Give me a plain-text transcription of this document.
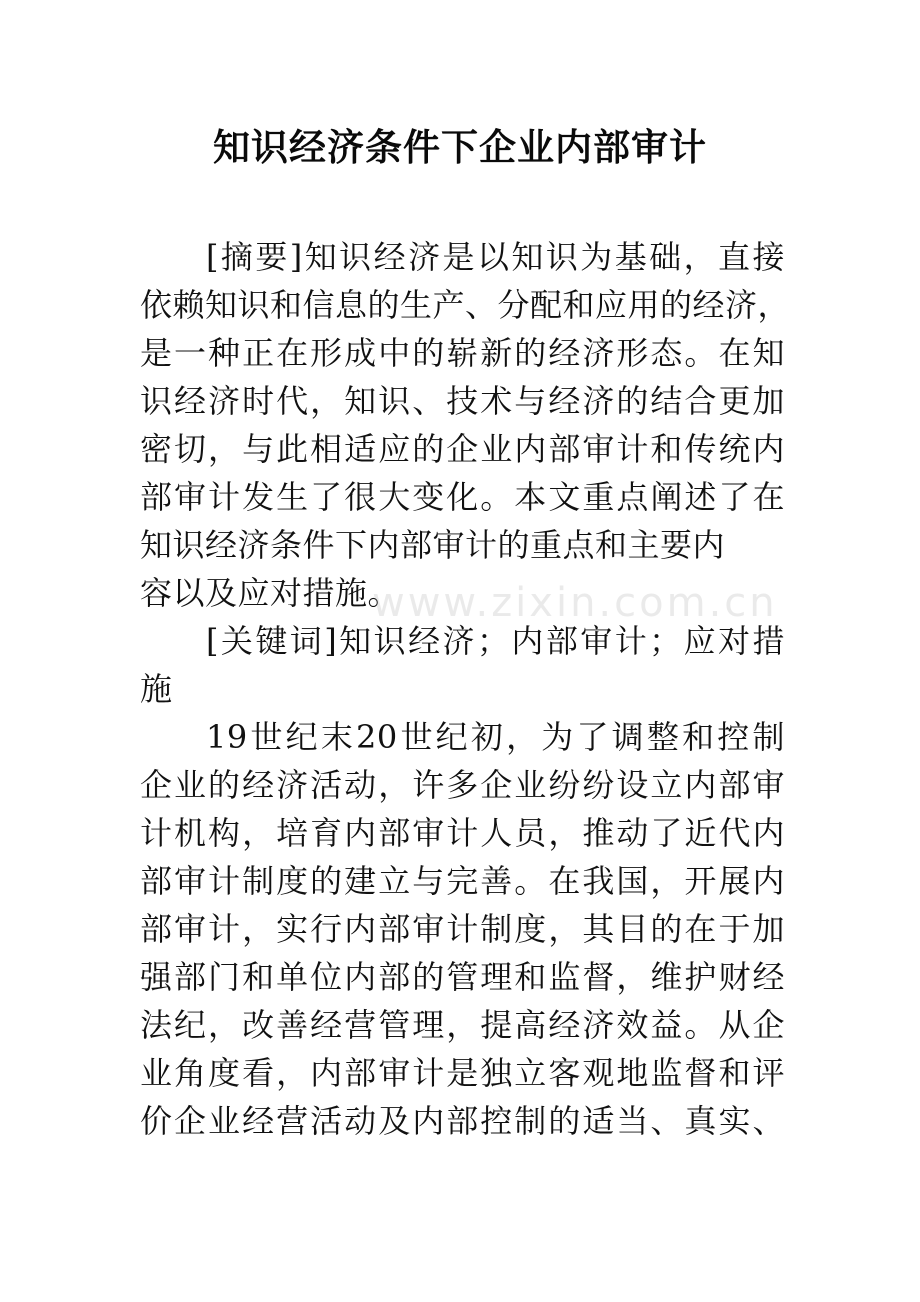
知识经济条件下企业内部审计
[摘要]知识经济是以知识为基础，直接
依赖知识和信息的生产、分配和应用的经济，
是一种正在形成中的崭新的经济形态。在知
识经济时代，知识、技术与经济的结合更加
密切，与此相适应的企业内部审计和传统内
部审计发生了很大变化。本文重点阐述了在
知识经济条件下内部审计的重点和主要内
容以及应对措施。
[关键词]知识经济；内部审计；应对措
施
19世纪末20世纪初，为了调整和控制
企业的经济活动，许多企业纷纷设立内部审
计机构，培育内部审计人员，推动了近代内
部审计制度的建立与完善。在我国，开展内
部审计，实行内部审计制度，其目的在于加
强部门和单位内部的管理和监督，维护财经
法纪，改善经营管理，提高经济效益。从企
业角度看，内部审计是独立客观地监督和评
价企业经营活动及内部控制的适当、真实、
www.zixin.com.cn
